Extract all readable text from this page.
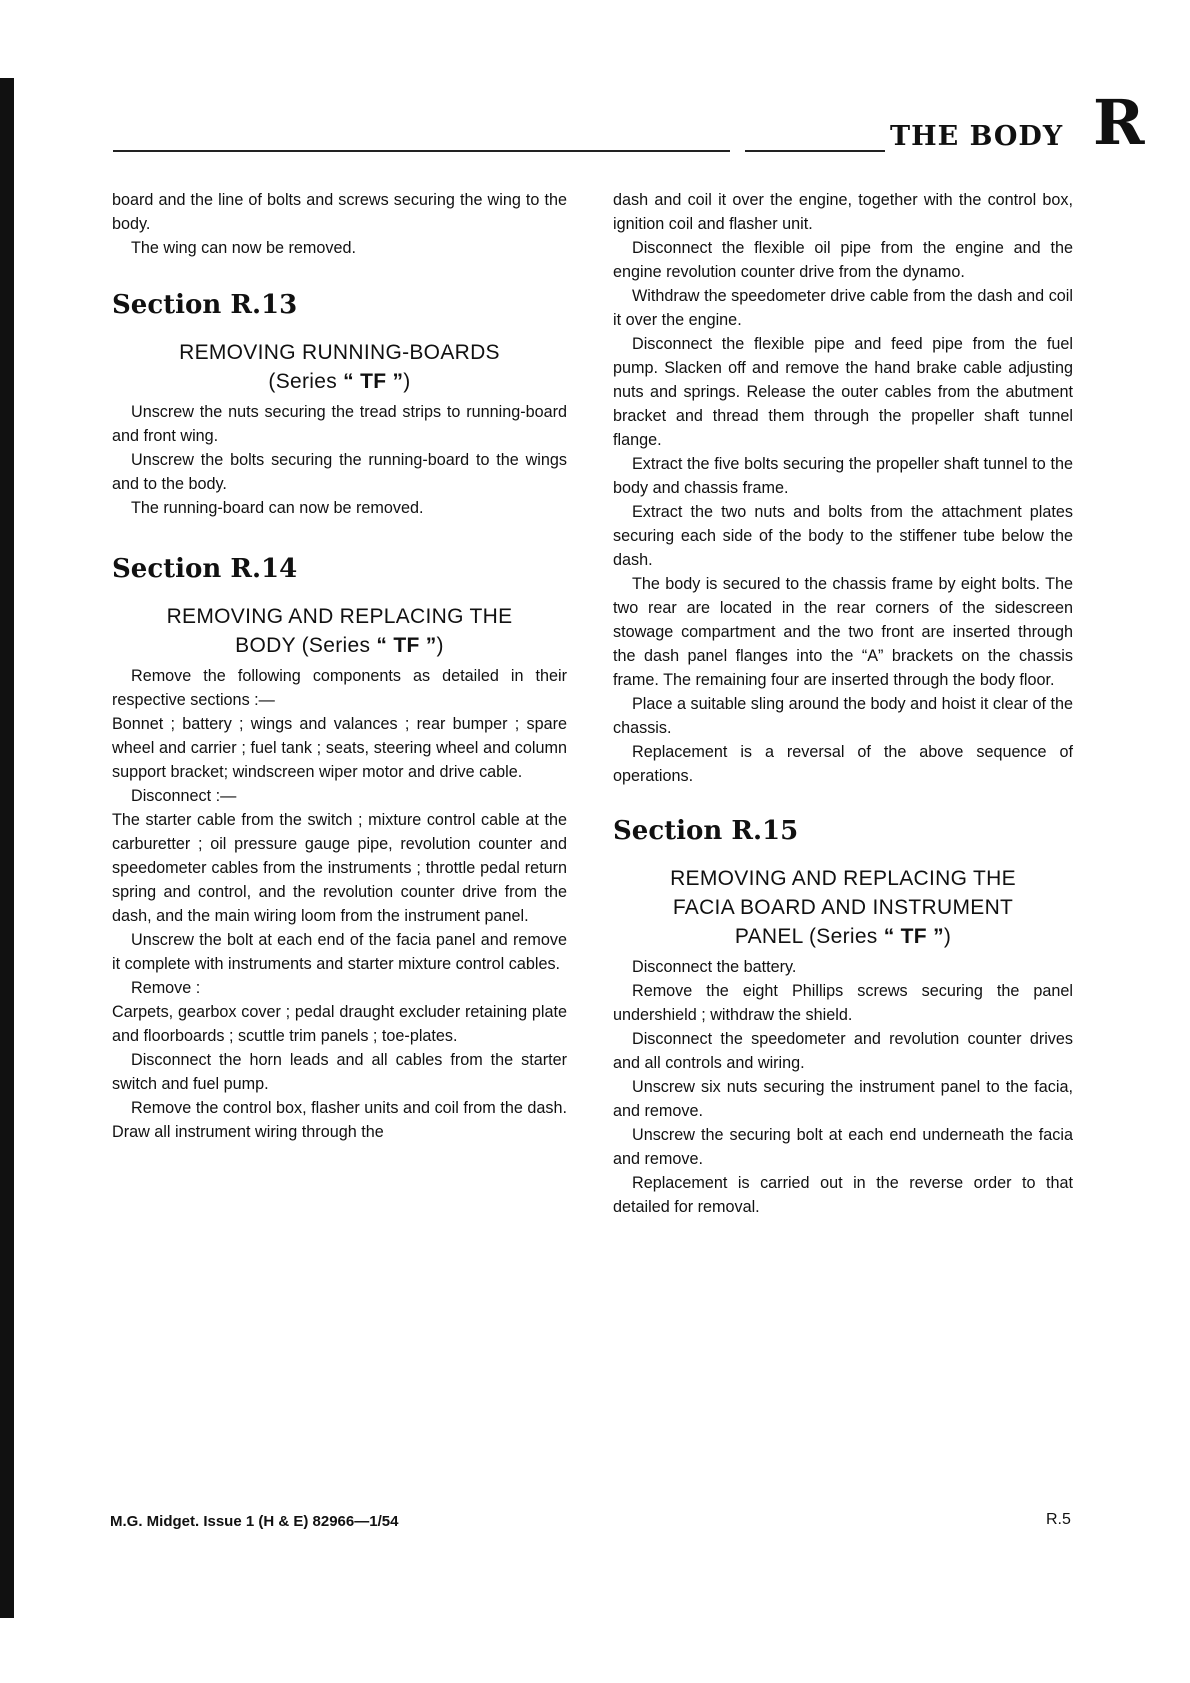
THE BODY R

board and the line of bolts and screws securing the wing to the body.

The wing can now be removed.

Section R.13
REMOVING RUNNING-BOARDS
(Series “ TF ”)

Unscrew the nuts securing the tread strips to running-board and front wing.

Unscrew the bolts securing the running-board to the wings and to the body.

The running-board can now be removed.

Section R.14
REMOVING AND REPLACING THE
BODY (Series “ TF ”)

Remove the following components as detailed in their respective sections :—

Bonnet ; battery ; wings and valances ; rear bumper ; spare wheel and carrier ; fuel tank ; seats, steering wheel and column support bracket; windscreen wiper motor and drive cable.

Disconnect :—

The starter cable from the switch ; mixture control cable at the carburetter ; oil pressure gauge pipe, revolution counter and speedometer cables from the instruments ; throttle pedal return spring and control, and the revolution counter drive from the dash, and the main wiring loom from the instrument panel.

Unscrew the bolt at each end of the facia panel and remove it complete with instruments and starter mixture control cables.

Remove :

Carpets, gearbox cover ; pedal draught excluder retaining plate and floorboards ; scuttle trim panels ; toe-plates.

Disconnect the horn leads and all cables from the starter switch and fuel pump.

Remove the control box, flasher units and coil from the dash. Draw all instrument wiring through the

dash and coil it over the engine, together with the control box, ignition coil and flasher unit.

Disconnect the flexible oil pipe from the engine and the engine revolution counter drive from the dynamo.

Withdraw the speedometer drive cable from the dash and coil it over the engine.

Disconnect the flexible pipe and feed pipe from the fuel pump. Slacken off and remove the hand brake cable adjusting nuts and springs. Release the outer cables from the abutment bracket and thread them through the propeller shaft tunnel flange.

Extract the five bolts securing the propeller shaft tunnel to the body and chassis frame.

Extract the two nuts and bolts from the attachment plates securing each side of the body to the stiffener tube below the dash.

The body is secured to the chassis frame by eight bolts. The two rear are located in the rear corners of the sidescreen stowage compartment and the two front are inserted through the dash panel flanges into the “A” brackets on the chassis frame. The remaining four are inserted through the body floor.

Place a suitable sling around the body and hoist it clear of the chassis.

Replacement is a reversal of the above sequence of operations.

Section R.15
REMOVING AND REPLACING THE
FACIA BOARD AND INSTRUMENT
PANEL (Series “ TF ”)

Disconnect the battery.

Remove the eight Phillips screws securing the panel undershield ; withdraw the shield.

Disconnect the speedometer and revolution counter drives and all controls and wiring.

Unscrew six nuts securing the instrument panel to the facia, and remove.

Unscrew the securing bolt at each end underneath the facia and remove.

Replacement is carried out in the reverse order to that detailed for removal.

M.G. Midget. Issue 1 (H & E) 82966—1/54	R.5
